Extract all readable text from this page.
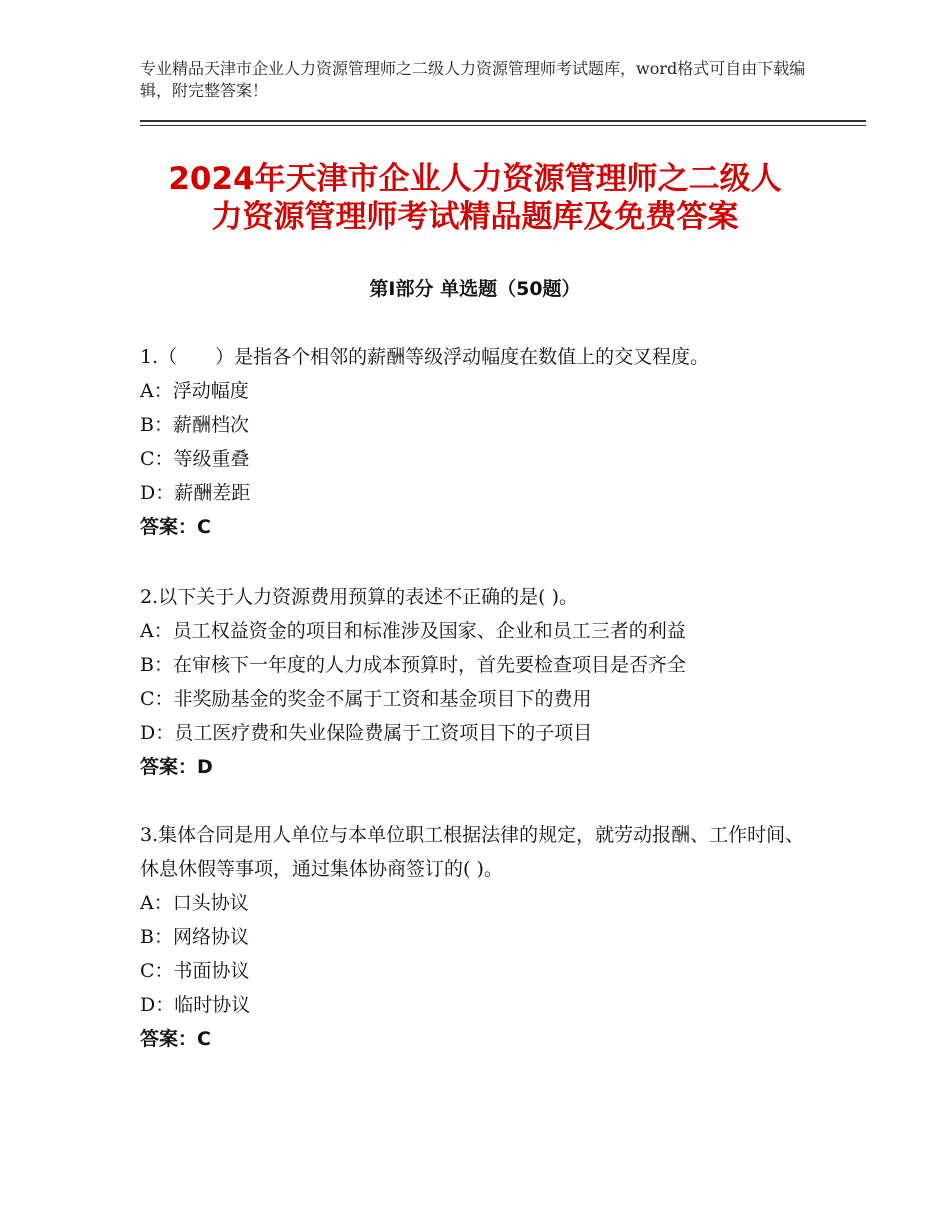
专业精品天津市企业人力资源管理师之二级人力资源管理师考试题库，word格式可自由下载编辑，附完整答案！
2024年天津市企业人力资源管理师之二级人
力资源管理师考试精品题库及免费答案
第Ⅰ部分 单选题（50题）
1.（　　）是指各个相邻的薪酬等级浮动幅度在数值上的交叉程度。
A：浮动幅度
B：薪酬档次
C：等级重叠
D：薪酬差距
答案：C
2.以下关于人力资源费用预算的表述不正确的是( )。
A：员工权益资金的项目和标准涉及国家、企业和员工三者的利益
B：在审核下一年度的人力成本预算时，首先要检查项目是否齐全
C：非奖励基金的奖金不属于工资和基金项目下的费用
D：员工医疗费和失业保险费属于工资项目下的子项目
答案：D
3.集体合同是用人单位与本单位职工根据法律的规定，就劳动报酬、工作时间、休息休假等事项，通过集体协商签订的( )。
A：口头协议
B：网络协议
C：书面协议
D：临时协议
答案：C
